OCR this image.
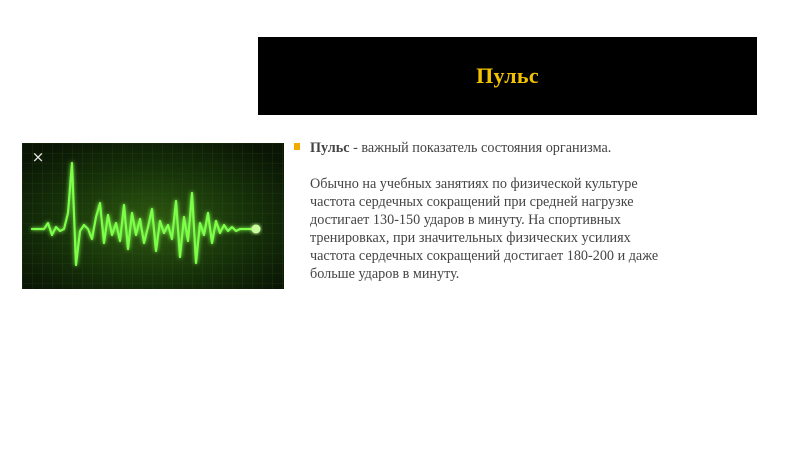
Пульс
×	Пульс - важный показатель состояния организма.
Обычно на учебных занятиях по физической культуре
частота сердечных сокращений при средней нагрузке
достигает 130-150 ударов в минуту. На спортивных
тренировках, при значительных физических усилиях
частота сердечных сокращений достигает 180-200 и даже
больше ударов в минуту.
